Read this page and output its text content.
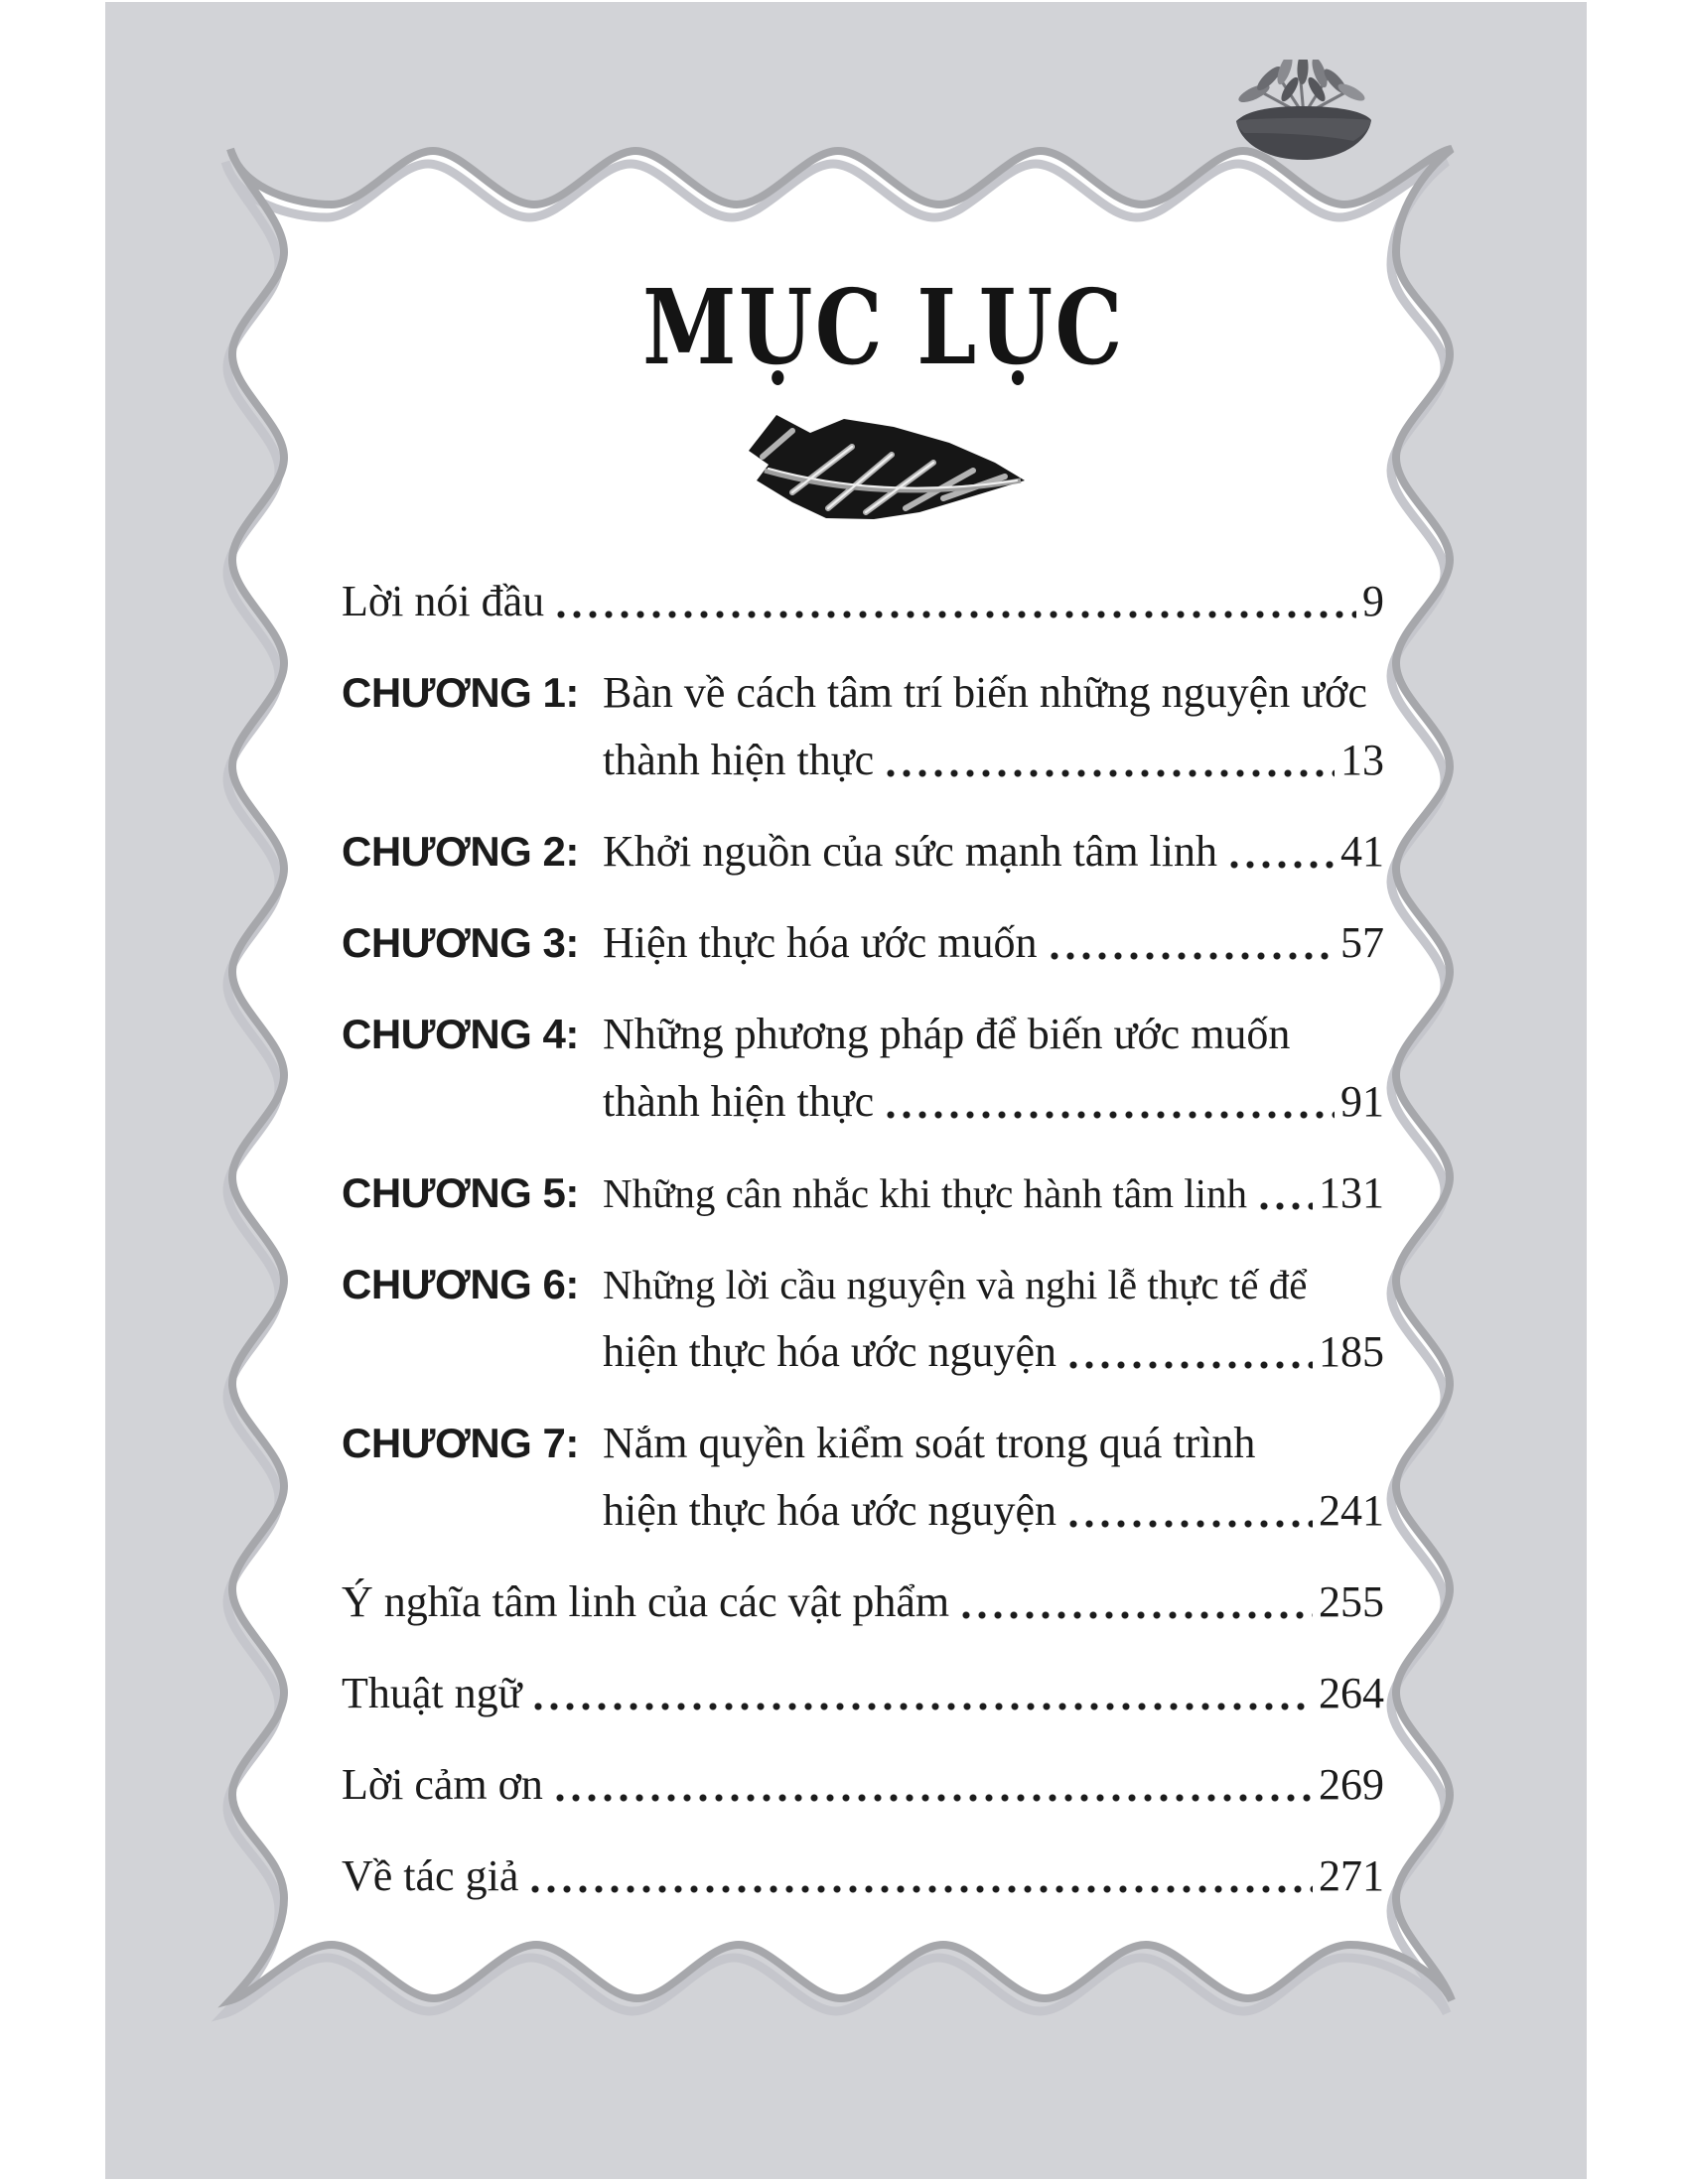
MỤC LỤC
Lời nói đầu	9
CHƯƠNG 1: Bàn về cách tâm trí biến những nguyện ước
thành hiện thực	13
CHƯƠNG 2: Khởi nguồn của sức mạnh tâm linh	41
CHƯƠNG 3: Hiện thực hóa ước muốn	57
CHƯƠNG 4: Những phương pháp để biến ước muốn
thành hiện thực	91
CHƯƠNG 5: Những cân nhắc khi thực hành tâm linh 131
CHƯƠNG 6: Những lời cầu nguyện và nghi lễ thực tế để
hiện thực hóa ước nguyện	185
CHƯƠNG 7: Nắm quyền kiểm soát trong quá trình
hiện thực hóa ước nguyện	241
Ý nghĩa tâm linh của các vật phẩm	255
Thuật ngữ	264
Lời cảm ơn	269
Về tác giả	271
